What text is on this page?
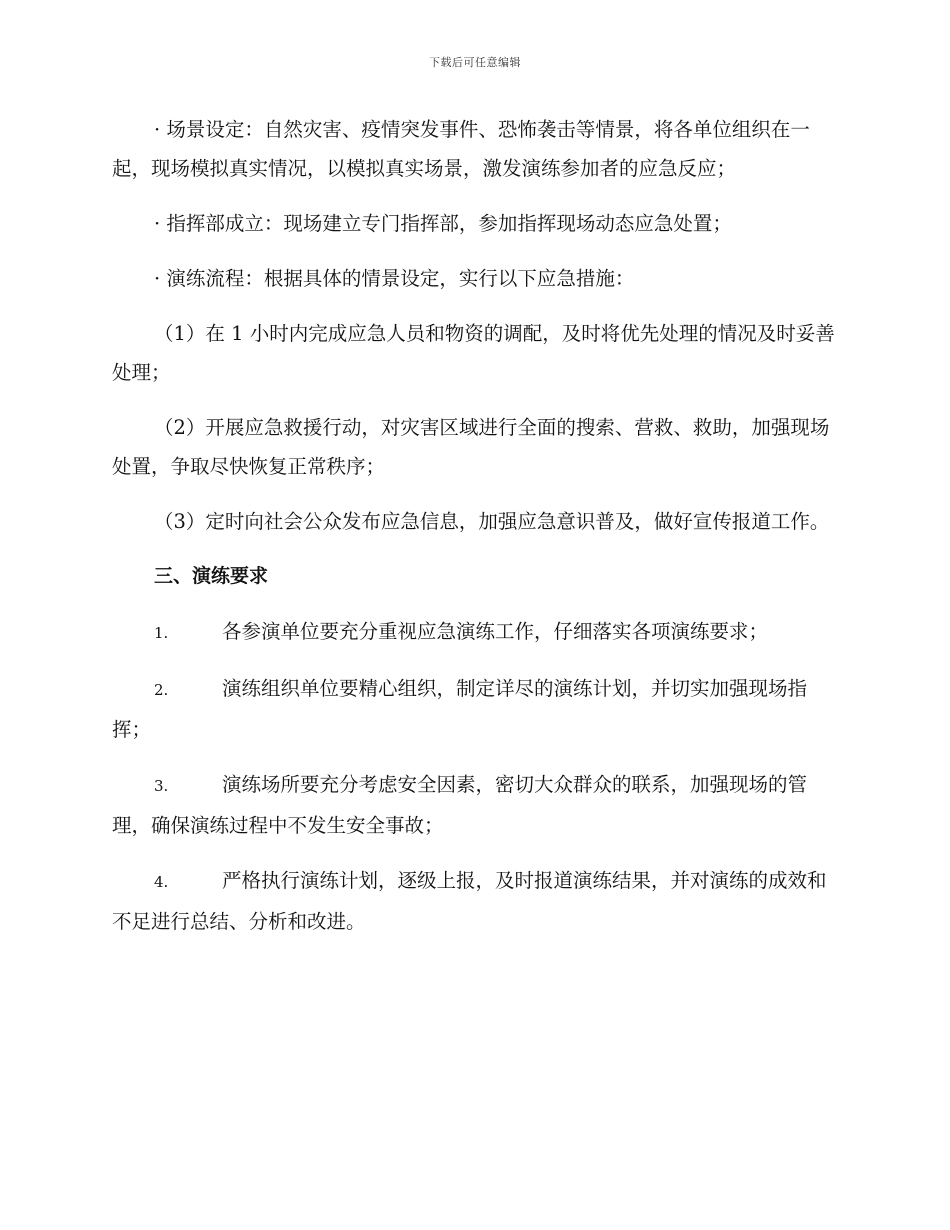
下载后可任意编辑

· 场景设定：自然灾害、疫情突发事件、恐怖袭击等情景，将各单位组织在一起，现场模拟真实情况，以模拟真实场景，激发演练参加者的应急反应；

· 指挥部成立：现场建立专门指挥部，参加指挥现场动态应急处置；

· 演练流程：根据具体的情景设定，实行以下应急措施：

（1）在 1 小时内完成应急人员和物资的调配，及时将优先处理的情况及时妥善处理；

（2）开展应急救援行动，对灾害区域进行全面的搜索、营救、救助，加强现场处置，争取尽快恢复正常秩序；

（3）定时向社会公众发布应急信息，加强应急意识普及，做好宣传报道工作。

三、演练要求

1.	各参演单位要充分重视应急演练工作，仔细落实各项演练要求；

2.	演练组织单位要精心组织，制定详尽的演练计划，并切实加强现场指挥；

3.	演练场所要充分考虑安全因素，密切大众群众的联系，加强现场的管理，确保演练过程中不发生安全事故；

4.	严格执行演练计划，逐级上报，及时报道演练结果，并对演练的成效和不足进行总结、分析和改进。
